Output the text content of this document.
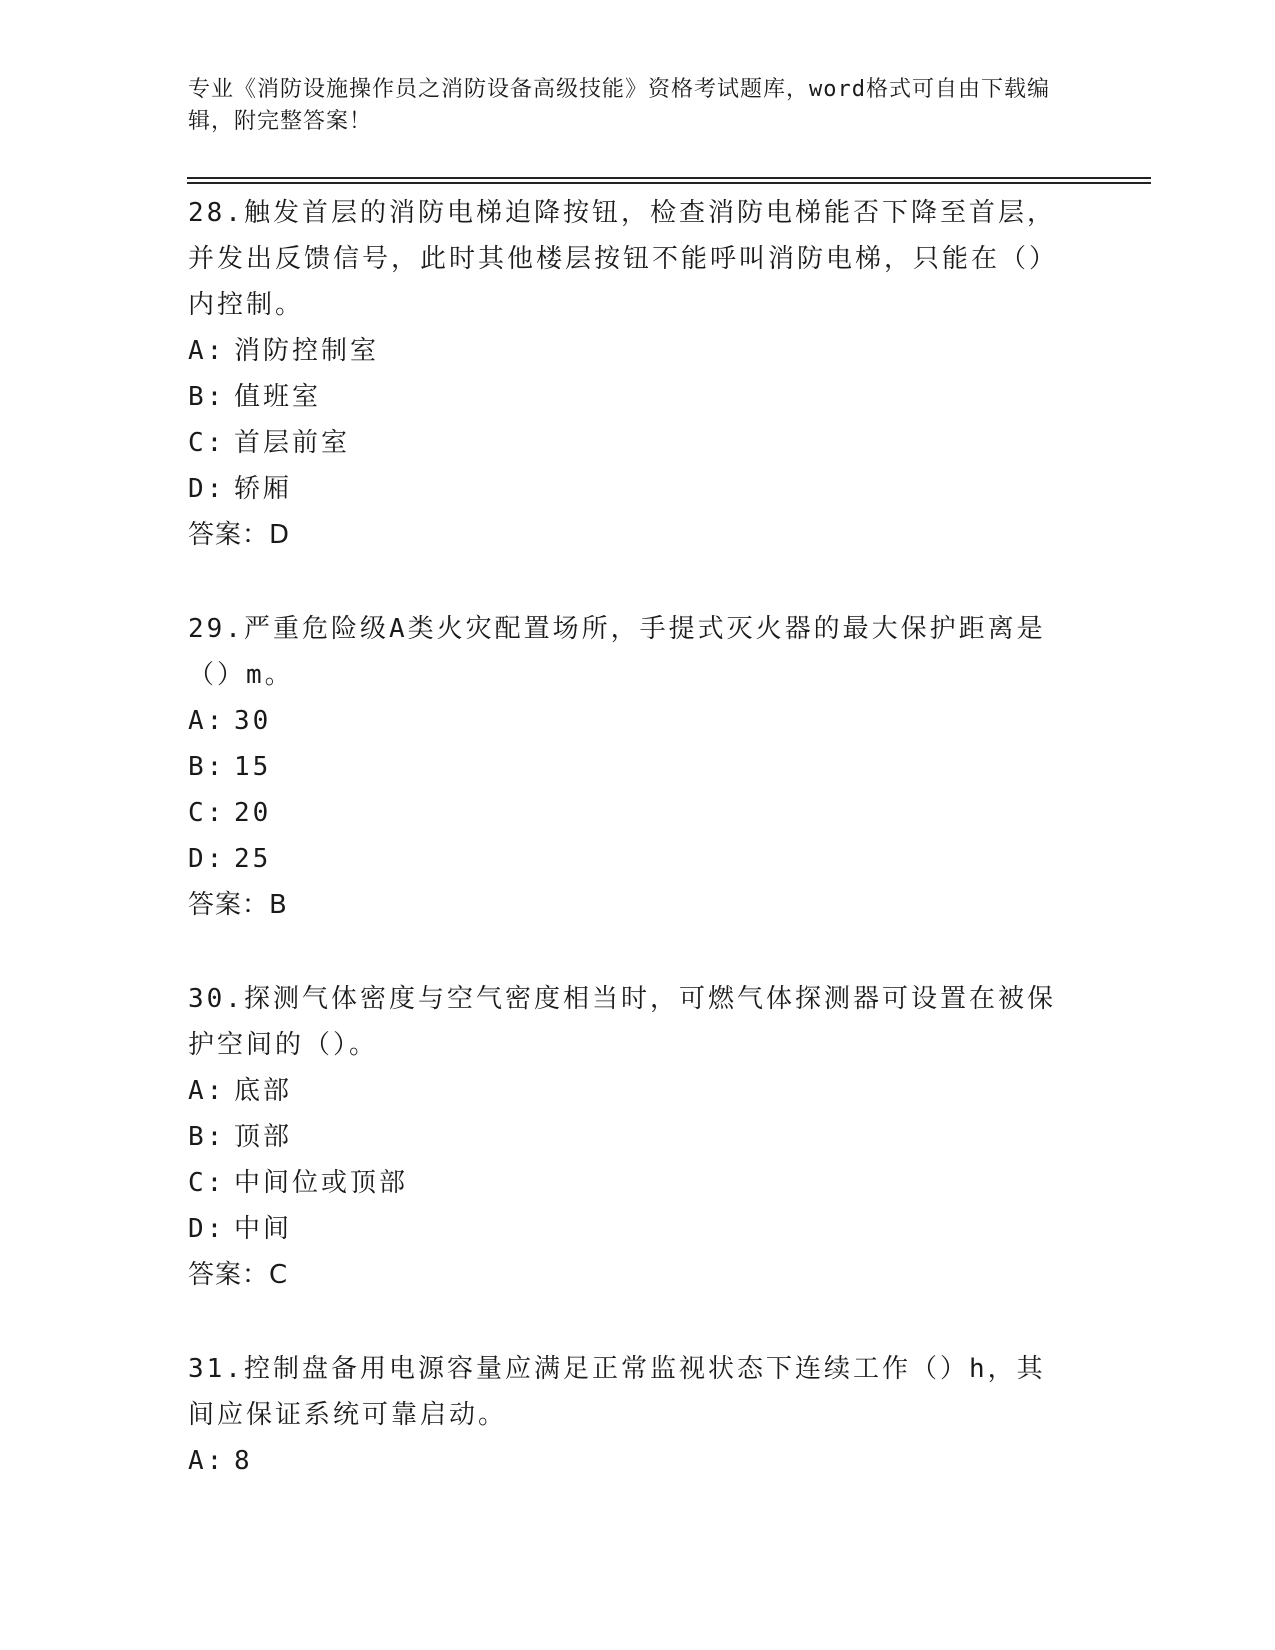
专业《消防设施操作员之消防设备高级技能》资格考试题库，word格式可自由下载编辑，附完整答案！
28.触发首层的消防电梯迫降按钮，检查消防电梯能否下降至首层，并发出反馈信号，此时其他楼层按钮不能呼叫消防电梯，只能在（）内控制。
A: 消防控制室
B: 值班室
C: 首层前室
D: 轿厢
答案：D
29.严重危险级A类火灾配置场所，手提式灭火器的最大保护距离是（）m。
A: 30
B: 15
C: 20
D: 25
答案：B
30.探测气体密度与空气密度相当时，可燃气体探测器可设置在被保护空间的（）。
A: 底部
B: 顶部
C: 中间位或顶部
D: 中间
答案：C
31.控制盘备用电源容量应满足正常监视状态下连续工作（）h，其间应保证系统可靠启动。
A: 8
